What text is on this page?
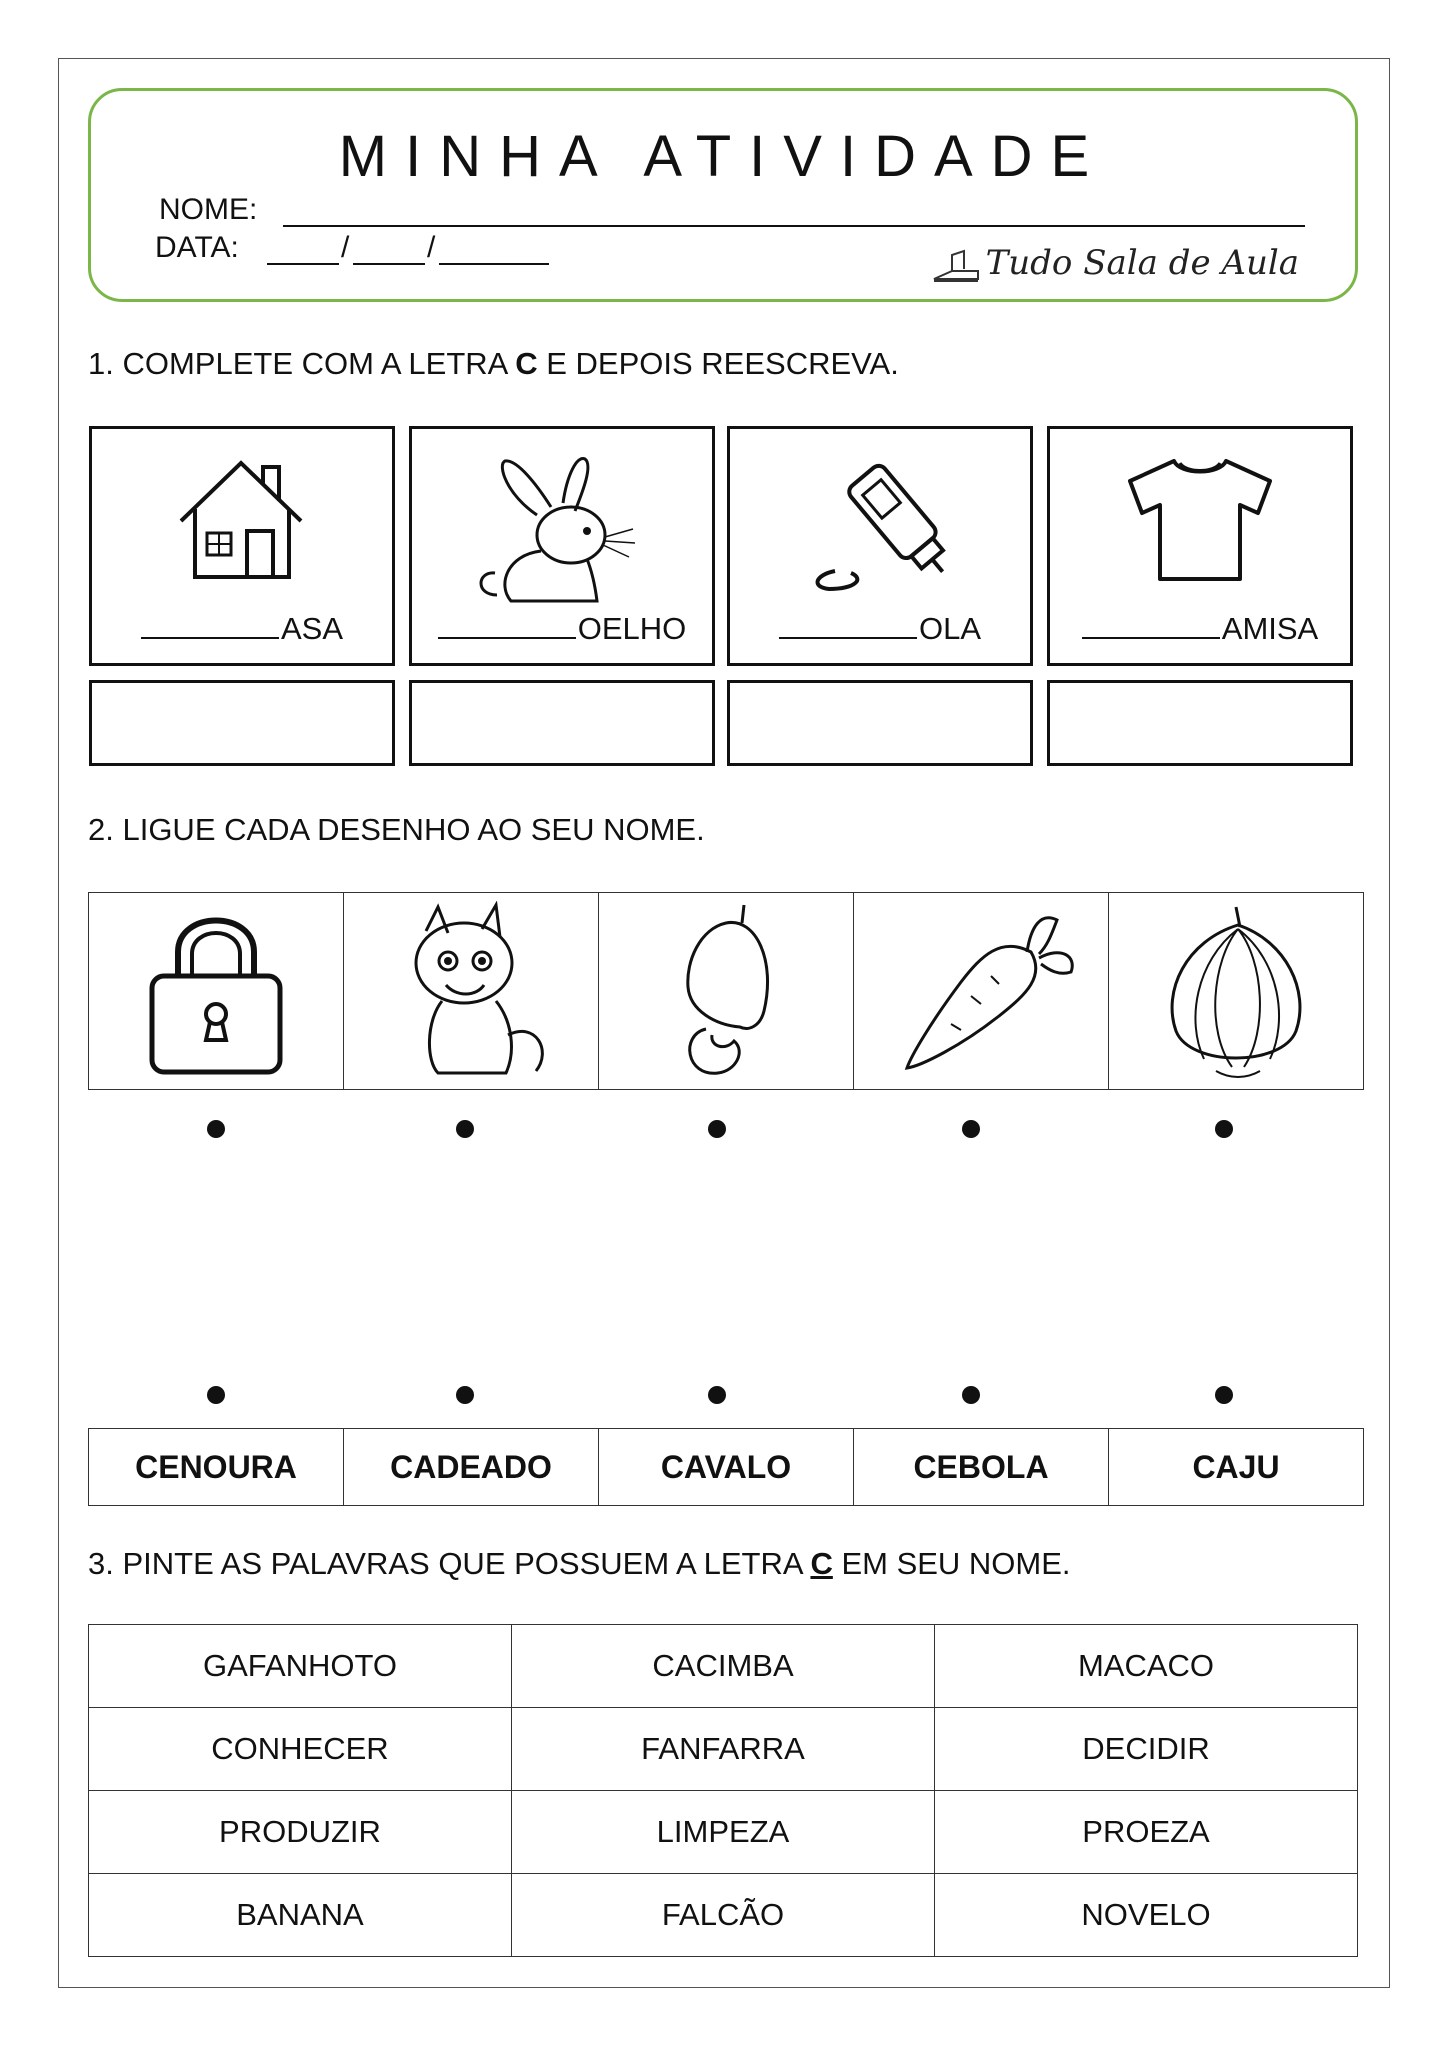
MINHA ATIVIDADE
NOME:
DATA:	/	/	Tudo Sala de Aula
1. COMPLETE COM A LETRA C E DEPOIS REESCREVA.
ASA	OELHO	OLA	AMISA
2. LIGUE CADA DESENHO AO SEU NOME.
CENOURA	CADEADO	CAVALO	CEBOLA	CAJU
3. PINTE AS PALAVRAS QUE POSSUEM A LETRA C EM SEU NOME.
GAFANHOTO	CACIMBA	MACACO
CONHECER	FANFARRA	DECIDIR
PRODUZIR	LIMPEZA	PROEZA
BANANA	FALCÃO	NOVELO
